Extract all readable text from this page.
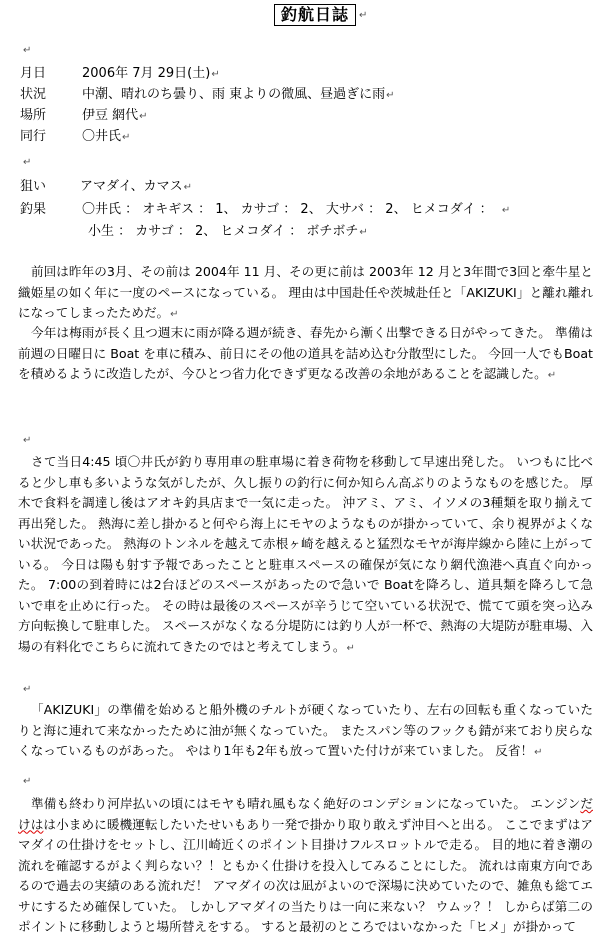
釣航日誌	↵
↵
月日	2006年 7月 29日(土)↵
状況	中潮、晴れのち曇り、雨 東よりの微風、昼過ぎに雨↵
場所	伊豆 網代↵
同行	〇井氏↵
↵
狙い	アマダイ、カマス↵
釣果	〇井氏 ： オキギス ： 1、 カサゴ ： 2、 大サバ ： 2、 ヒメコダイ ： ↵
小生 ： カサゴ ： 2、 ヒメコダイ ： ボチボチ↵

前回は昨年の3月、その前は 2004年 11 月、その更に前は 2003年 12 月と3年間で3回と牽牛星と織姫星の如く年に一度のペースになっている。 理由は中国赴任や茨城赴任と「AKIZUKI」と離れ離れになってしまったためだ。↵

今年は梅雨が長く且つ週末に雨が降る週が続き、春先から漸く出撃できる日がやってきた。 準備は前週の日曜日に Boat を車に積み、前日にその他の道具を詰め込む分散型にした。 今回一人でもBoatを積めるように改造したが、今ひとつ省力化できず更なる改善の余地があることを認識した。↵

↵

さて当日4:45 頃〇井氏が釣り専用車の駐車場に着き荷物を移動して早速出発した。 いつもに比べると少し車も多いような気がしたが、久し振りの釣行に何か知らん高ぶりのようなものを感じた。 厚木で食料を調達し後はアオキ釣具店まで一気に走った。 沖アミ、アミ、イソメの3種類を取り揃えて再出発した。 熱海に差し掛かると何やら海上にモヤのようなものが掛かっていて、余り視界がよくない状況であった。 熱海のトンネルを越えて赤根ヶ崎を越えると猛烈なモヤが海岸線から陸に上がっている。 今日は陽も射す予報であったことと駐車スペースの確保が気になり網代漁港へ真直ぐ向かった。 7:00の到着時には2台ほどのスペースがあったので急いで Boatを降ろし、道具類を降ろして急いで車を止めに行った。 その時は最後のスペースが辛うじて空いている状況で、慌てて頭を突っ込み方向転換して駐車した。 スペースがなくなる分堤防には釣り人が一杯で、熱海の大堤防が駐車場、入場の有料化でこちらに流れてきたのではと考えてしまう。↵

↵

「AKIZUKI」の準備を始めると船外機のチルトが硬くなっていたり、左右の回転も重くなっていたりと海に連れて来なかったために油が無くなっていた。 またスパン等のフックも錆が来ており戻らなくなっているものがあった。 やはり1年も2年も放って置いた付けが来ていました。 反省！↵

↵

準備も終わり河岸払いの頃にはモヤも晴れ風もなく絶好のコンデションになっていた。 エンジンだけはは小まめに暖機運転したいたせいもあり一発で掛かり取り敢えず沖目へと出る。 ここでまずはアマダイの仕掛けをセットし、江川崎近くのポイント目掛けフルスロットルで走る。 目的地に着き潮の流れを確認するがよく判らない？！ともかく仕掛けを投入してみることにした。 流れは南東方向であるので過去の実績のある流れだ！ アマダイの次は凪がよいので深場に決めていたので、雑魚も総てエサにするため確保していた。 しかしアマダイの当たりは一向に来ない？ ウムッ？！ しからば第二のポイントに移動しようと場所替えをする。 すると最初のところではいなかった「ヒメ」が掛かって
